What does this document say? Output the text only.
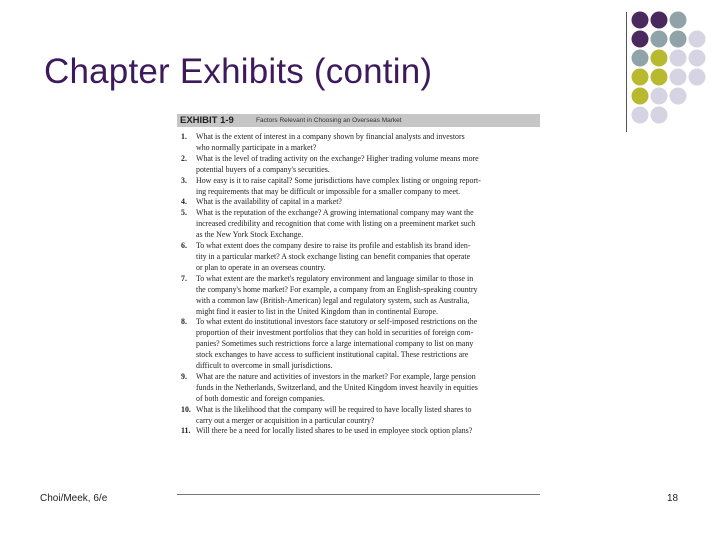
Chapter Exhibits (contin)
EXHIBIT 1-9	Factors Relevant in Choosing an Overseas Market
1.	What is the extent of interest in a company shown by financial analysts and investors
who normally participate in a market?
2.	What is the level of trading activity on the exchange? Higher trading volume means more
potential buyers of a company's securities.
3.	How easy is it to raise capital? Some jurisdictions have complex listing or ongoing report-
ing requirements that may be difficult or impossible for a smaller company to meet.
4.	What is the availability of capital in a market?
5.	What is the reputation of the exchange? A growing international company may want the
increased credibility and recognition that come with listing on a preeminent market such
as the New York Stock Exchange.
6.	To what extent does the company desire to raise its profile and establish its brand iden-
tity in a particular market? A stock exchange listing can benefit companies that operate
or plan to operate in an overseas country.
7.	To what extent are the market's regulatory environment and language similar to those in
the company's home market? For example, a company from an English-speaking country
with a common law (British-American) legal and regulatory system, such as Australia,
might find it easier to list in the United Kingdom than in continental Europe.
8.	To what extent do institutional investors face statutory or self-imposed restrictions on the
proportion of their investment portfolios that they can hold in securities of foreign com-
panies? Sometimes such restrictions force a large international company to list on many
stock exchanges to have access to sufficient institutional capital. These restrictions are
difficult to overcome in small jurisdictions.
9.	What are the nature and activities of investors in the market? For example, large pension
funds in the Netherlands, Switzerland, and the United Kingdom invest heavily in equities
of both domestic and foreign companies.
10. What is the likelihood that the company will be required to have locally listed shares to
carry out a merger or acquisition in a particular country?
11. Will there be a need for locally listed shares to be used in employee stock option plans?
Choi/Meek, 6/e	18
